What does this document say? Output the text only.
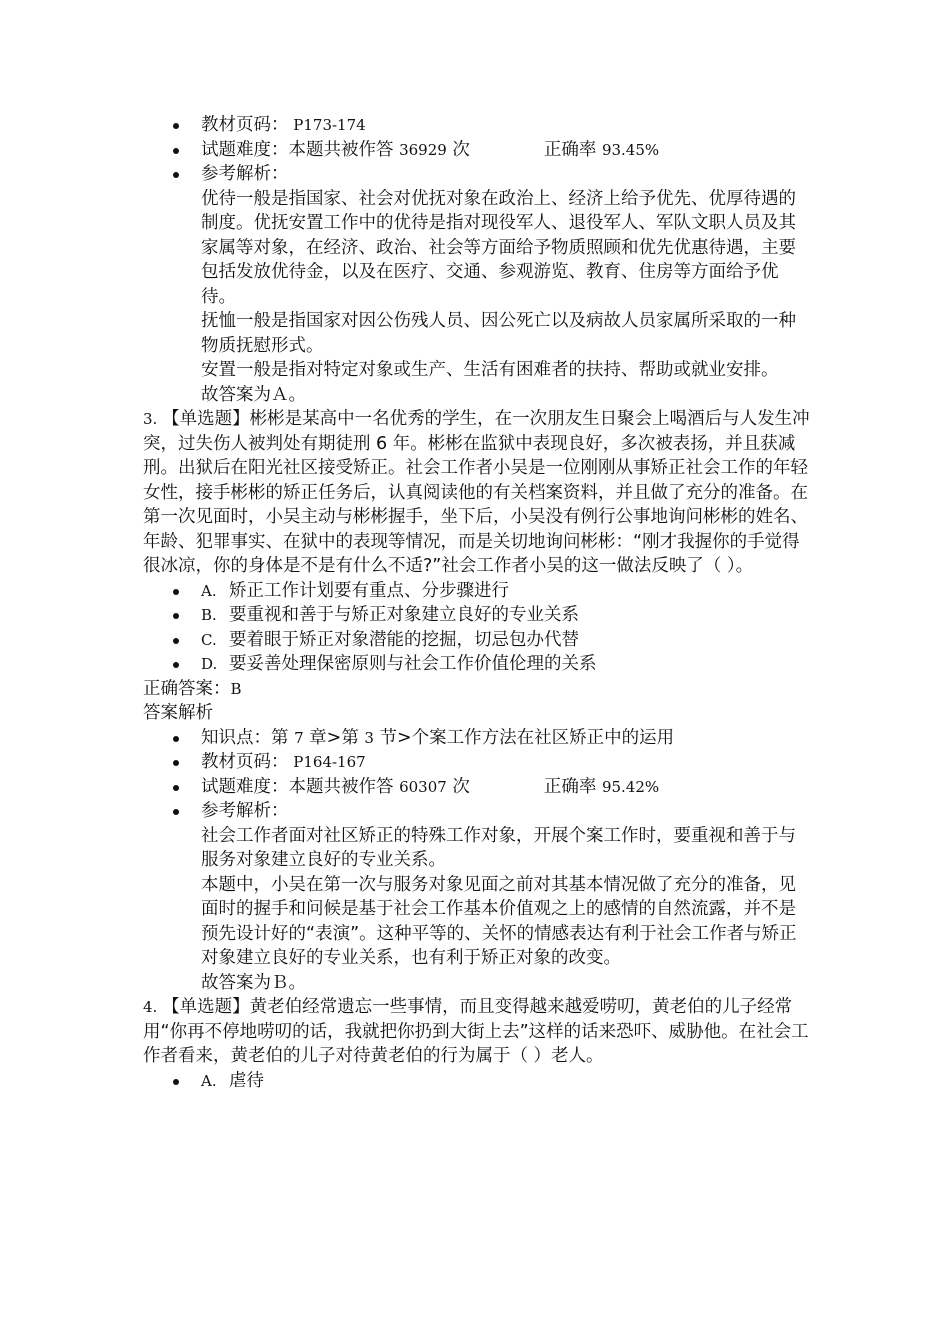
教材页码： P173-174
试题难度：本题共被作答 36929 次	正确率 93.45%
参考解析：
优待一般是指国家、社会对优抚对象在政治上、经济上给予优先、优厚待遇的制度。优抚安置工作中的优待是指对现役军人、退役军人、军队文职人员及其家属等对象，在经济、政治、社会等方面给予物质照顾和优先优惠待遇，主要包括发放优待金，以及在医疗、交通、参观游览、教育、住房等方面给予优待。
抚恤一般是指国家对因公伤残人员、因公死亡以及病故人员家属所采取的一种物质抚慰形式。
安置一般是指对特定对象或生产、生活有困难者的扶持、帮助或就业安排。
故答案为Ａ。
3. 【单选题】彬彬是某高中一名优秀的学生，在一次朋友生日聚会上喝酒后与人发生冲突，过失伤人被判处有期徒刑 6 年。彬彬在监狱中表现良好，多次被表扬，并且获减刑。出狱后在阳光社区接受矫正。社会工作者小吴是一位刚刚从事矫正社会工作的年轻女性，接手彬彬的矫正任务后，认真阅读他的有关档案资料，并且做了充分的准备。在第一次见面时，小吴主动与彬彬握手，坐下后，小吴没有例行公事地询问彬彬的姓名、年龄、犯罪事实、在狱中的表现等情况，而是关切地询问彬彬：“刚才我握你的手觉得很冰凉，你的身体是不是有什么不适?”社会工作者小吴的这一做法反映了（ ）。
A. 矫正工作计划要有重点、分步骤进行
B. 要重视和善于与矫正对象建立良好的专业关系
C. 要着眼于矫正对象潜能的挖掘，切忌包办代替
D. 要妥善处理保密原则与社会工作价值伦理的关系
正确答案：B
答案解析
知识点：第 7 章>第 3 节>个案工作方法在社区矫正中的运用
教材页码： P164-167
试题难度：本题共被作答 60307 次	正确率 95.42%
参考解析：
社会工作者面对社区矫正的特殊工作对象，开展个案工作时，要重视和善于与服务对象建立良好的专业关系。
本题中，小吴在第一次与服务对象见面之前对其基本情况做了充分的准备，见面时的握手和问候是基于社会工作基本价值观之上的感情的自然流露，并不是预先设计好的“表演”。这种平等的、关怀的情感表达有利于社会工作者与矫正对象建立良好的专业关系，也有利于矫正对象的改变。
故答案为Ｂ。
4. 【单选题】黄老伯经常遗忘一些事情，而且变得越来越爱唠叨，黄老伯的儿子经常用“你再不停地唠叨的话，我就把你扔到大街上去”这样的话来恐吓、威胁他。在社会工作者看来，黄老伯的儿子对待黄老伯的行为属于（ ）老人。
A. 虐待
